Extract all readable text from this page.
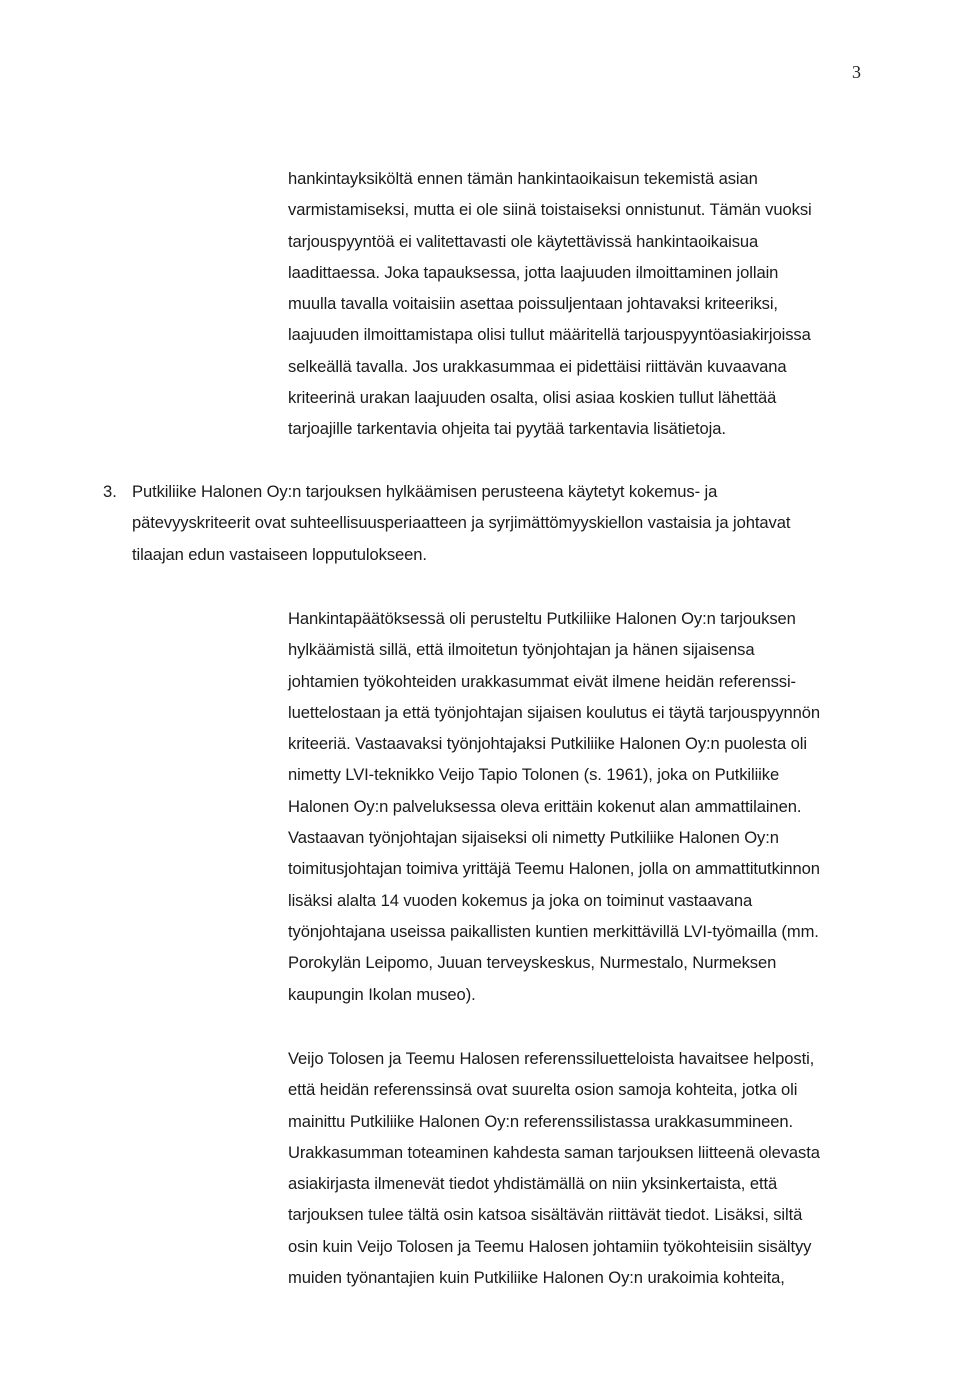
3
hankintayksiköltä ennen tämän hankintaoikaisun tekemistä asian
varmistamiseksi, mutta ei ole siinä toistaiseksi onnistunut. Tämän vuoksi
tarjouspyyntöä ei valitettavasti ole käytettävissä hankintaoikaisua
laadittaessa. Joka tapauksessa, jotta laajuuden ilmoittaminen jollain
muulla tavalla voitaisiin asettaa poissuljentaan johtavaksi kriteeriksi,
laajuuden ilmoittamistapa olisi tullut määritellä tarjouspyyntöasiakirjoissa
selkeällä tavalla. Jos urakkasummaa ei pidettäisi riittävän kuvaavana
kriteerinä urakan laajuuden osalta, olisi asiaa koskien tullut lähettää
tarjoajille tarkentavia ohjeita tai pyytää tarkentavia lisätietoja.
3. Putkiliike Halonen Oy:n tarjouksen hylkäämisen perusteena käytetyt kokemus- ja
pätevyyskriteerit ovat suhteellisuusperiaatteen ja syrjimättömyyskiellon vastaisia ja johtavat
tilaajan edun vastaiseen lopputulokseen.
Hankintapäätöksessä oli perusteltu Putkiliike Halonen Oy:n tarjouksen
hylkäämistä sillä, että ilmoitetun työnjohtajan ja hänen sijaisensa
johtamien työkohteiden urakkasummat eivät ilmene heidän referenssi-
luettelostaan ja että työnjohtajan sijaisen koulutus ei täytä tarjouspyynnön
kriteeriä. Vastaavaksi työnjohtajaksi Putkiliike Halonen Oy:n puolesta oli
nimetty LVI-teknikko Veijo Tapio Tolonen (s. 1961), joka on Putkiliike
Halonen Oy:n palveluksessa oleva erittäin kokenut alan ammattilainen.
Vastaavan työnjohtajan sijaiseksi oli nimetty Putkiliike Halonen Oy:n
toimitusjohtajan toimiva yrittäjä Teemu Halonen, jolla on ammattitutkinnon
lisäksi alalta 14 vuoden kokemus ja joka on toiminut vastaavana
työnjohtajana useissa paikallisten kuntien merkittävillä LVI-työmailla (mm.
Porokylän Leipomo, Juuan terveyskeskus, Nurmestalo, Nurmeksen
kaupungin Ikolan museo).
Veijo Tolosen ja Teemu Halosen referenssiluetteloista havaitsee helposti,
että heidän referenssinsä ovat suurelta osion samoja kohteita, jotka oli
mainittu Putkiliike Halonen Oy:n referenssilistassa urakkasummineen.
Urakkasumman toteaminen kahdesta saman tarjouksen liitteenä olevasta
asiakirjasta ilmenevät tiedot yhdistämällä on niin yksinkertaista, että
tarjouksen tulee tältä osin katsoa sisältävän riittävät tiedot. Lisäksi, siltä
osin kuin Veijo Tolosen ja Teemu Halosen johtamiin työkohteisiin sisältyy
muiden työnantajien kuin Putkiliike Halonen Oy:n urakoimia kohteita,
